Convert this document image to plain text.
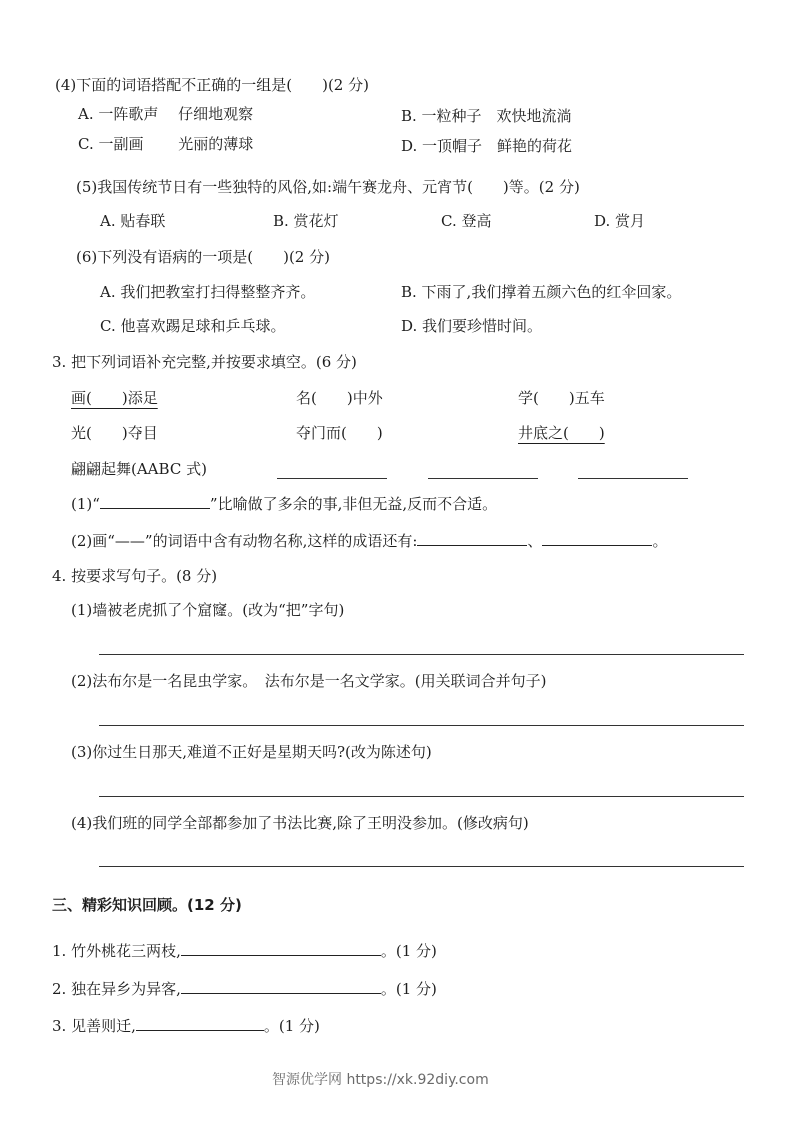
(4)下面的词语搭配不正确的一组是(　　)(2 分)
A. 一阵歌声　 仔细地观察	B. 一粒种子　欢快地流淌
C. 一副画　　 光丽的薄球	D. 一顶帽子　鲜艳的荷花
(5)我国传统节日有一些独特的风俗,如:端午赛龙舟、元宵节(　　)等。(2 分)
A. 贴春联	B. 赏花灯	C. 登高	D. 赏月
(6)下列没有语病的一项是(　　)(2 分)
A. 我们把教室打扫得整整齐齐。	B. 下雨了,我们撑着五颜六色的红伞回家。
C. 他喜欢踢足球和乒乓球。	D. 我们要珍惜时间。
3. 把下列词语补充完整,并按要求填空。(6 分)
画(　　)添足	名(　　)中外	学(　　)五车
光(　　)夺目	夺门而(　　)	井底之(　　)
翩翩起舞(AABC 式)
(1)“	”比喻做了多余的事,非但无益,反而不合适。
(2)画“——”的词语中含有动物名称,这样的成语还有:	、	。
4. 按要求写句子。(8 分)
(1)墙被老虎抓了个窟窿。(改为“把”字句)
(2)法布尔是一名昆虫学家。　法布尔是一名文学家。(用关联词合并句子)
(3)你过生日那天,难道不正好是星期天吗?(改为陈述句)
(4)我们班的同学全部都参加了书法比赛,除了王明没参加。(修改病句)
三、精彩知识回顾。(12 分)
1. 竹外桃花三两枝,	。(1 分)
2. 独在异乡为异客,	。(1 分)
3. 见善则迁,	。(1 分)
智源优学网 https://xk.92diy.com
